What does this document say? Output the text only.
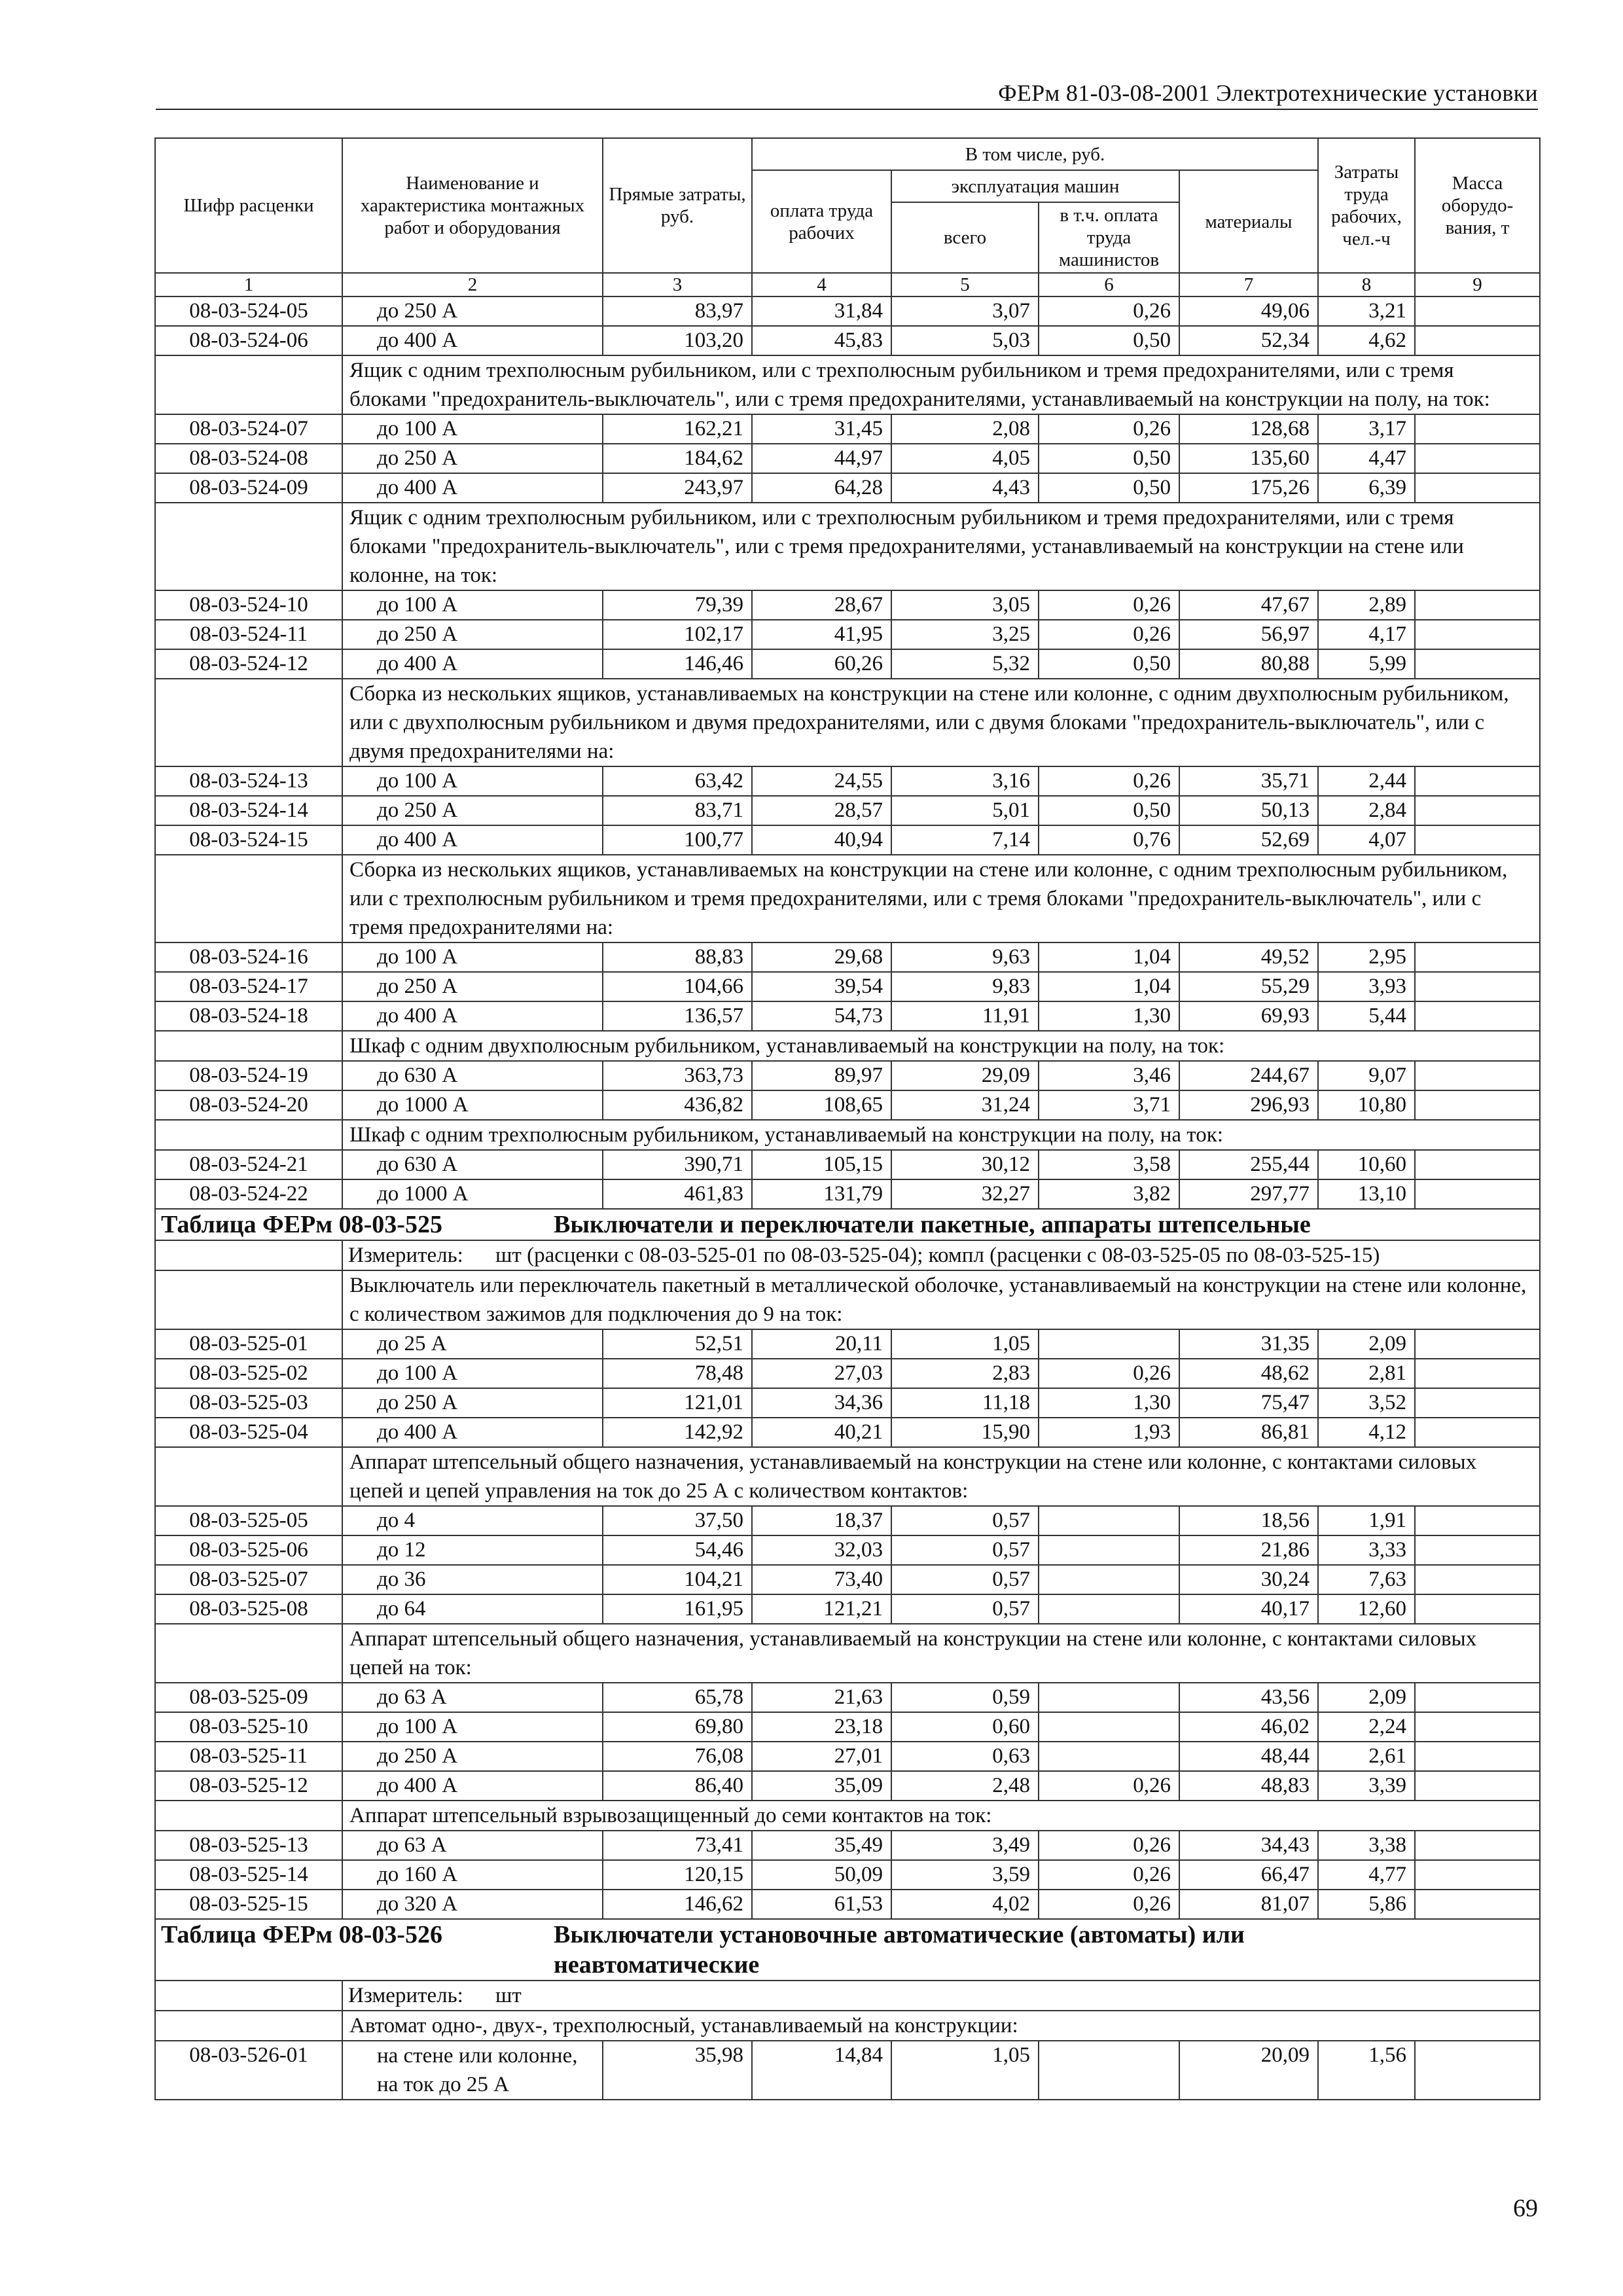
ФЕРм 81-03-08-2001 Электротехнические установки
Шифр расценки	Наименование и характеристика монтажных работ и оборудования	Прямые затраты, руб.	В том числе, руб.				Затраты труда рабочих, чел.-ч	Масса оборудо-вания, т
			оплата труда рабочих	эксплуатация машин		материалы		
				всего	в т.ч. оплата труда машинистов			
1	2	3	4	5	6	7	8	9
08-03-524-05	до 250 А	83,97	31,84	3,07	0,26	49,06	3,21	
08-03-524-06	до 400 А	103,20	45,83	5,03	0,50	52,34	4,62	
	Ящик с одним трехполюсным рубильником, или с трехполюсным рубильником и тремя предохранителями, или с тремя блоками "предохранитель-выключатель", или с тремя предохранителями, устанавливаемый на конструкции на полу, на ток:							
08-03-524-07	до 100 А	162,21	31,45	2,08	0,26	128,68	3,17	
08-03-524-08	до 250 А	184,62	44,97	4,05	0,50	135,60	4,47	
08-03-524-09	до 400 А	243,97	64,28	4,43	0,50	175,26	6,39	
	Ящик с одним трехполюсным рубильником, или с трехполюсным рубильником и тремя предохранителями, или с тремя блоками "предохранитель-выключатель", или с тремя предохранителями, устанавливаемый на конструкции на стене или колонне, на ток:							
08-03-524-10	до 100 А	79,39	28,67	3,05	0,26	47,67	2,89	
08-03-524-11	до 250 А	102,17	41,95	3,25	0,26	56,97	4,17	
08-03-524-12	до 400 А	146,46	60,26	5,32	0,50	80,88	5,99	
	Сборка из нескольких ящиков, устанавливаемых на конструкции на стене или колонне, с одним двухполюсным рубильником, или с двухполюсным рубильником и двумя предохранителями, или с двумя блоками "предохранитель-выключатель", или с двумя предохранителями на:							
08-03-524-13	до 100 А	63,42	24,55	3,16	0,26	35,71	2,44	
08-03-524-14	до 250 А	83,71	28,57	5,01	0,50	50,13	2,84	
08-03-524-15	до 400 А	100,77	40,94	7,14	0,76	52,69	4,07	
	Сборка из нескольких ящиков, устанавливаемых на конструкции на стене или колонне, с одним трехполюсным рубильником, или с трехполюсным рубильником и тремя предохранителями, или с тремя блоками "предохранитель-выключатель", или с тремя предохранителями на:							
08-03-524-16	до 100 А	88,83	29,68	9,63	1,04	49,52	2,95	
08-03-524-17	до 250 А	104,66	39,54	9,83	1,04	55,29	3,93	
08-03-524-18	до 400 А	136,57	54,73	11,91	1,30	69,93	5,44	
	Шкаф с одним двухполюсным рубильником, устанавливаемый на конструкции на полу, на ток:							
08-03-524-19	до 630 А	363,73	89,97	29,09	3,46	244,67	9,07	
08-03-524-20	до 1000 А	436,82	108,65	31,24	3,71	296,93	10,80	
	Шкаф с одним трехполюсным рубильником, устанавливаемый на конструкции на полу, на ток:							
08-03-524-21	до 630 А	390,71	105,15	30,12	3,58	255,44	10,60	
08-03-524-22	до 1000 А	461,83	131,79	32,27	3,82	297,77	13,10	
Таблица ФЕРм 08-03-525 Выключатели и переключатели пакетные, аппараты штепсельные								
	Измеритель: шт (расценки с 08-03-525-01 по 08-03-525-04); компл (расценки с 08-03-525-05 по 08-03-525-15)							
	Выключатель или переключатель пакетный в металлической оболочке, устанавливаемый на конструкции на стене или колонне, с количеством зажимов для подключения до 9 на ток:							
08-03-525-01	до 25 А	52,51	20,11	1,05		31,35	2,09	
08-03-525-02	до 100 А	78,48	27,03	2,83	0,26	48,62	2,81	
08-03-525-03	до 250 А	121,01	34,36	11,18	1,30	75,47	3,52	
08-03-525-04	до 400 А	142,92	40,21	15,90	1,93	86,81	4,12	
	Аппарат штепсельный общего назначения, устанавливаемый на конструкции на стене или колонне, с контактами силовых цепей и цепей управления на ток до 25 А с количеством контактов:							
08-03-525-05	до 4	37,50	18,37	0,57		18,56	1,91	
08-03-525-06	до 12	54,46	32,03	0,57		21,86	3,33	
08-03-525-07	до 36	104,21	73,40	0,57		30,24	7,63	
08-03-525-08	до 64	161,95	121,21	0,57		40,17	12,60	
	Аппарат штепсельный общего назначения, устанавливаемый на конструкции на стене или колонне, с контактами силовых цепей на ток:							
08-03-525-09	до 63 А	65,78	21,63	0,59		43,56	2,09	
08-03-525-10	до 100 А	69,80	23,18	0,60		46,02	2,24	
08-03-525-11	до 250 А	76,08	27,01	0,63		48,44	2,61	
08-03-525-12	до 400 А	86,40	35,09	2,48	0,26	48,83	3,39	
	Аппарат штепсельный взрывозащищенный до семи контактов на ток:							
08-03-525-13	до 63 А	73,41	35,49	3,49	0,26	34,43	3,38	
08-03-525-14	до 160 А	120,15	50,09	3,59	0,26	66,47	4,77	
08-03-525-15	до 320 А	146,62	61,53	4,02	0,26	81,07	5,86	
Таблица ФЕРм 08-03-526 Выключатели установочные автоматические (автоматы) или неавтоматические								
	Измеритель: шт							
	Автомат одно-, двух-, трехполюсный, устанавливаемый на конструкции:							
08-03-526-01	на стене или колонне, на ток до 25 А	35,98	14,84	1,05		20,09	1,56	
69
